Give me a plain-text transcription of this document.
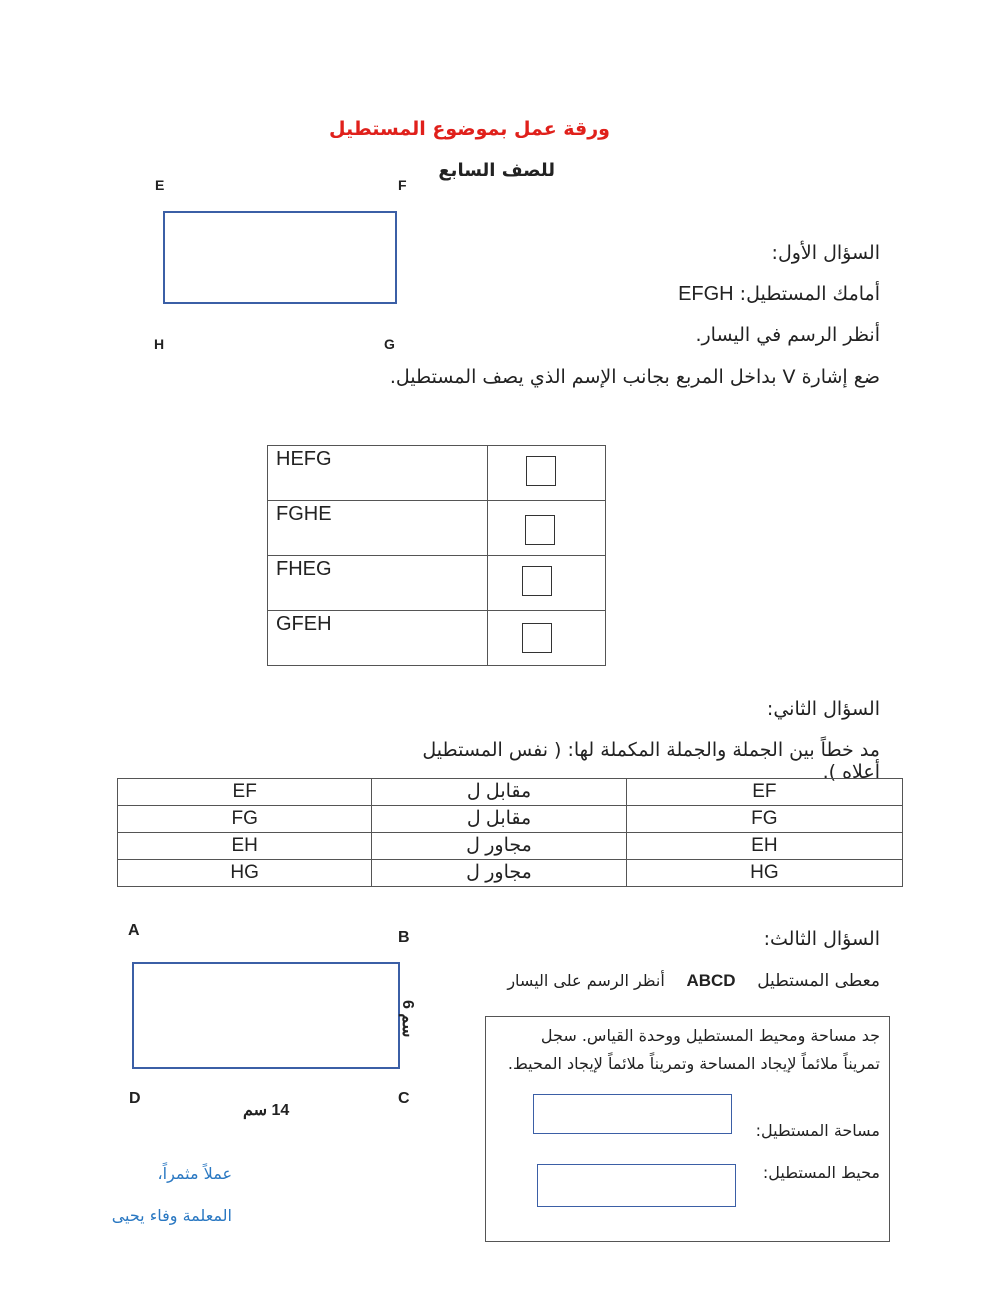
ورقة عمل بموضوع المستطيل
للصف السابع
E	F
H	G
السؤال الأول:
أمامك المستطيل: EFGH
أنظر الرسم في اليسار.
ضع إشارة V بداخل المربع بجانب الإسم الذي يصف المستطيل.
HEFG	

FGHE	

FHEG	

GFEH	
السؤال الثاني:
مد خطاً بين الجملة والجملة المكملة لها: ( نفس المستطيل أعلاه ).
EF	مقابل ل	EF
FG	مقابل ل	FG
EH	مجاور ل	EH
HG	مجاور ل	HG
A	B
6 سم
D
14 سم
C
السؤال الثالث:
معطى المستطيل    ABCD    أنظر الرسم على اليسار
جد مساحة ومحيط المستطيل ووحدة القياس. سجل تمريناً ملائماً لإيجاد المساحة وتمريناً ملائماً لإيجاد المحيط.
مساحة المستطيل:
محيط المستطيل:
عملاً مثمراً،
المعلمة وفاء يحيى
